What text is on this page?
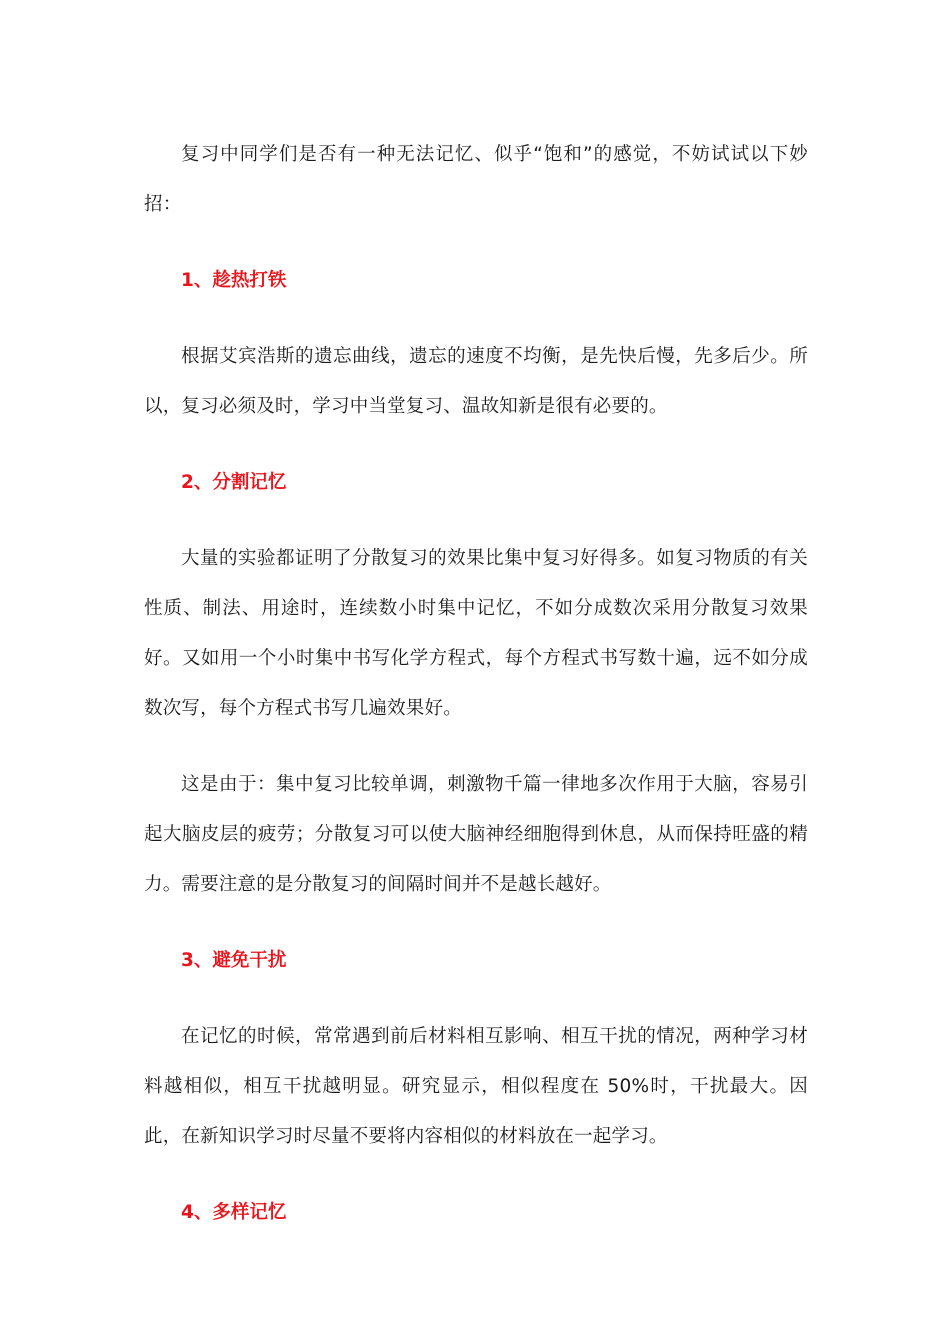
复习中同学们是否有一种无法记忆、似乎“饱和”的感觉，不妨试试以下妙招：

1、趁热打铁

根据艾宾浩斯的遗忘曲线，遗忘的速度不均衡，是先快后慢，先多后少。所以，复习必须及时，学习中当堂复习、温故知新是很有必要的。

2、分割记忆

大量的实验都证明了分散复习的效果比集中复习好得多。如复习物质的有关性质、制法、用途时，连续数小时集中记忆，不如分成数次采用分散复习效果好。又如用一个小时集中书写化学方程式，每个方程式书写数十遍，远不如分成数次写，每个方程式书写几遍效果好。

这是由于：集中复习比较单调，刺激物千篇一律地多次作用于大脑，容易引起大脑皮层的疲劳；分散复习可以使大脑神经细胞得到休息，从而保持旺盛的精力。需要注意的是分散复习的间隔时间并不是越长越好。

3、避免干扰

在记忆的时候，常常遇到前后材料相互影响、相互干扰的情况，两种学习材料越相似，相互干扰越明显。研究显示，相似程度在 50%时，干扰最大。因此，在新知识学习时尽量不要将内容相似的材料放在一起学习。

4、多样记忆
